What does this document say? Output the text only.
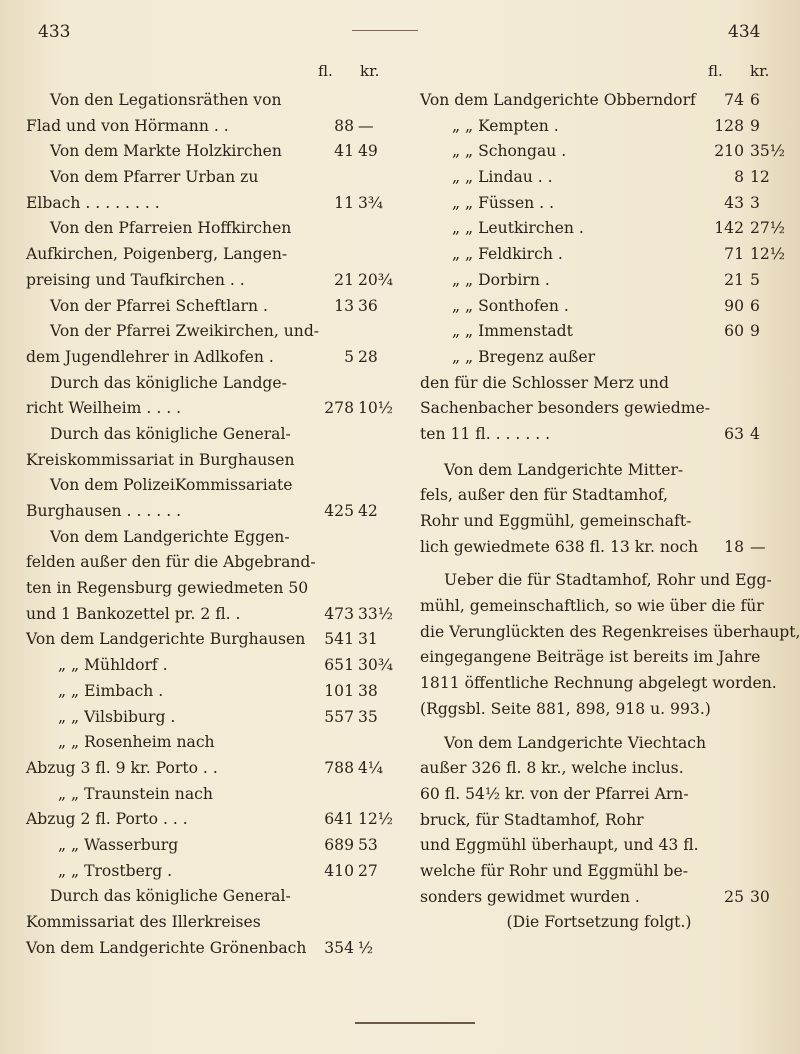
433	434
fl. kr.
Von den Legationsräthen von
Flad und von Hörmann . .	88 —
Von dem Markte Holzkirchen	41 49
Von dem Pfarrer Urban zu
Elbach . . . . . . . .	11 3¾
Von den Pfarreien Hoffkirchen
Aufkirchen, Poigenberg, Langen-
preising und Taufkirchen . .	21 20¾
Von der Pfarrei Scheftlarn .	13 36
Von der Pfarrei Zweikirchen, und-
dem Jugendlehrer in Adlkofen .	5 28
Durch das königliche Landge-
richt Weilheim . . . .	278 10½
Durch das königliche General-
Kreiskommissariat in Burghausen
Von dem PolizeiKommissariate
Burghausen . . . . . .	425 42
Von dem Landgerichte Eggen-
felden außer den für die Abgebrand-
ten in Regensburg gewiedmeten 50
und 1 Bankozettel pr. 2 fl. .	473 33½
Von dem Landgerichte Burghausen	541 31
„ „ Mühldorf .	651 30¾
„ „ Eimbach .	101 38
„ „ Vilsbiburg .	557 35
„ „ Rosenheim nach
Abzug 3 fl. 9 kr. Porto . .	788 4¼
„ „ Traunstein nach
Abzug 2 fl. Porto . . .	641 12½
„ „ Wasserburg	689 53
„ „ Trostberg .	410 27
Durch das königliche General-
Kommissariat des Illerkreises
Von dem Landgerichte Grönenbach	354 ½
fl. kr.
Von dem Landgerichte Obberndorf	74 6
„ „ Kempten .	128 9
„ „ Schongau .	210 35½
„ „ Lindau . .	8 12
„ „ Füssen . .	43 3
„ „ Leutkirchen .	142 27½
„ „ Feldkirch .	71 12½
„ „ Dorbirn .	21 5
„ „ Sonthofen .	90 6
„ „ Immenstadt	60 9
„ „ Bregenz außer
den für die Schlosser Merz und
Sachenbacher besonders gewiedme-
ten 11 fl. . . . . . .	63 4
Von dem Landgerichte Mitter-
fels, außer den für Stadtamhof,
Rohr und Eggmühl, gemeinschaft-
lich gewiedmete 638 fl. 13 kr. noch	18 —
Ueber die für Stadtamhof, Rohr und Egg-
mühl, gemeinschaftlich, so wie über die für
die Verunglückten des Regenkreises überhaupt,
eingegangene Beiträge ist bereits im Jahre
1811 öffentliche Rechnung abgelegt worden.
(Rggsbl. Seite 881, 898, 918 u. 993.)
Von dem Landgerichte Viechtach
außer 326 fl. 8 kr., welche inclus.
60 fl. 54½ kr. von der Pfarrei Arn-
bruck, für Stadtamhof, Rohr
und Eggmühl überhaupt, und 43 fl.
welche für Rohr und Eggmühl be-
sonders gewidmet wurden .	25 30
(Die Fortsetzung folgt.)
